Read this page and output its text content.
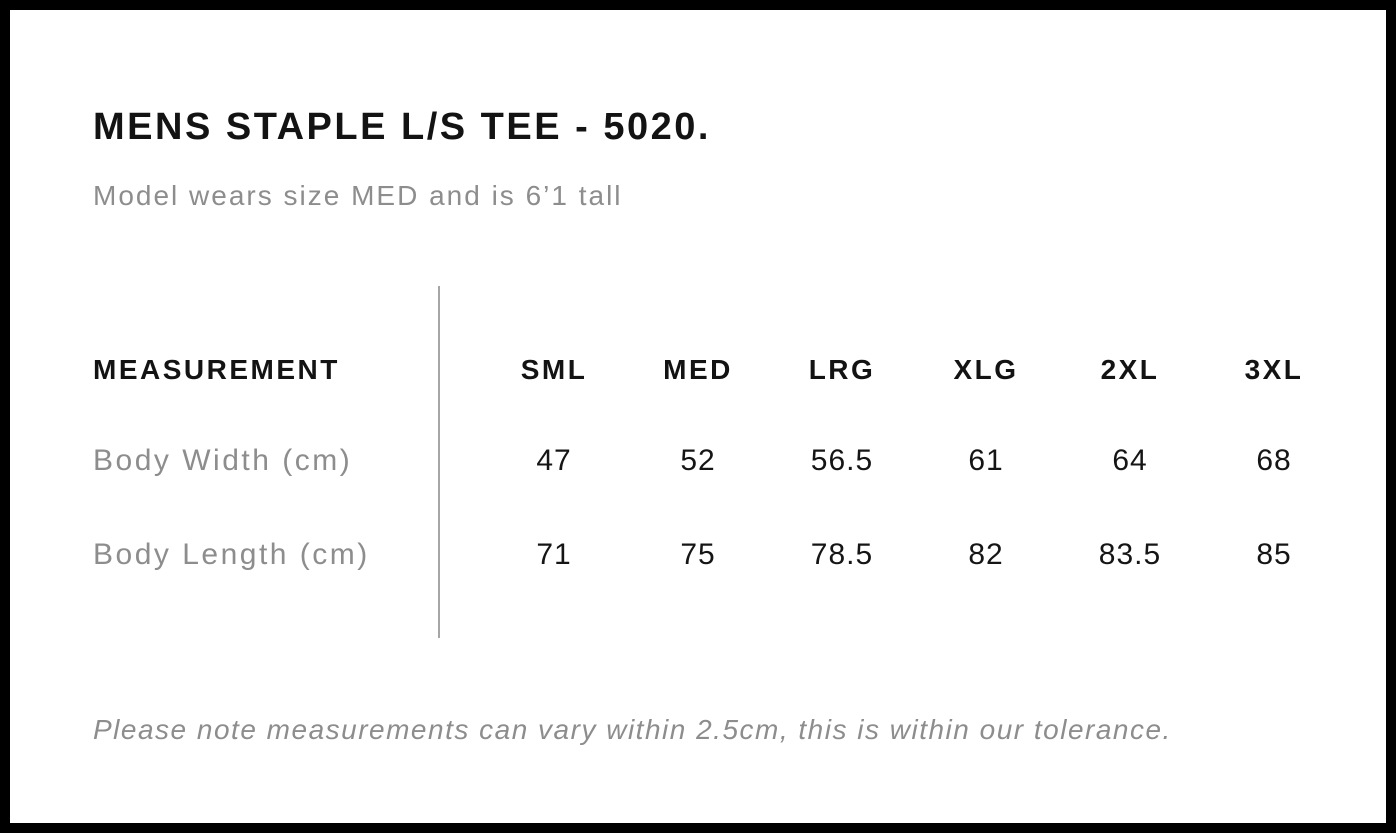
MENS STAPLE L/S TEE - 5020.

Model wears size MED and is 6’1 tall

MEASUREMENT	SML	MED	LRG	XLG	2XL	3XL
Body Width (cm)	47	52	56.5	61	64	68
Body Length (cm)	71	75	78.5	82	83.5	85

Please note measurements can vary within 2.5cm, this is within our tolerance.
